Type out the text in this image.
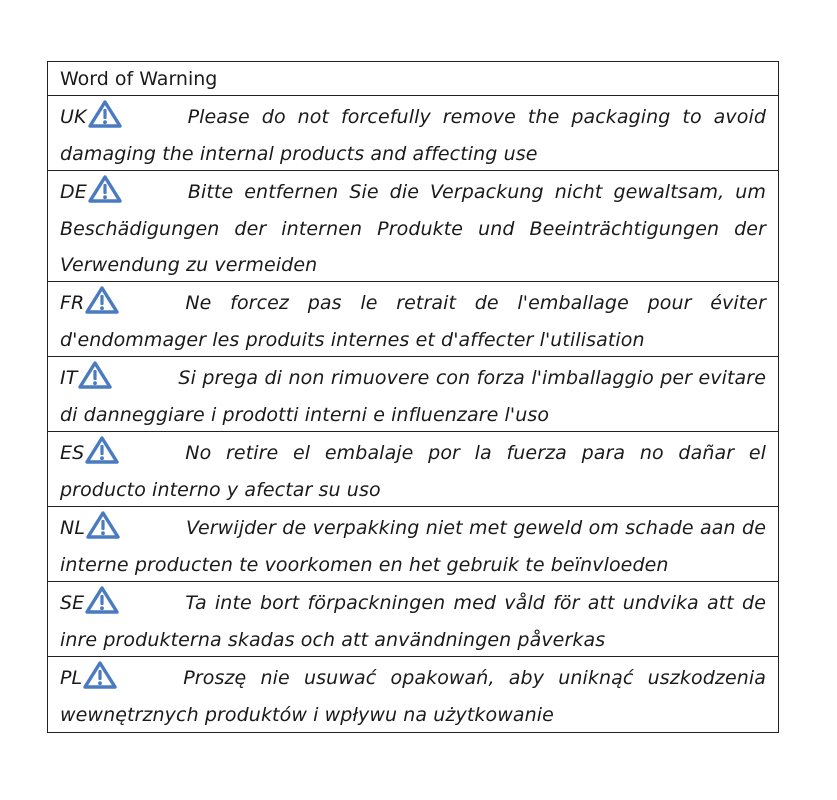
Word of Warning
UK	Please do not forcefully remove the packaging to avoid damaging the internal products and affecting use
DE	Bitte entfernen Sie die Verpackung nicht gewaltsam, um Beschädigungen der internen Produkte und Beeinträchtigungen der Verwendung zu vermeiden
FR	Ne forcez pas le retrait de l'emballage pour éviter d'endommager les produits internes et d'affecter l'utilisation
IT	Si prega di non rimuovere con forza l'imballaggio per evitare di danneggiare i prodotti interni e influenzare l'uso
ES	No retire el embalaje por la fuerza para no dañar el producto interno y afectar su uso
NL	Verwijder de verpakking niet met geweld om schade aan de interne producten te voorkomen en het gebruik te beïnvloeden
SE	Ta inte bort förpackningen med våld för att undvika att de inre produkterna skadas och att användningen påverkas
PL	Proszę nie usuwać opakowań, aby uniknąć uszkodzenia wewnętrznych produktów i wpływu na użytkowanie
